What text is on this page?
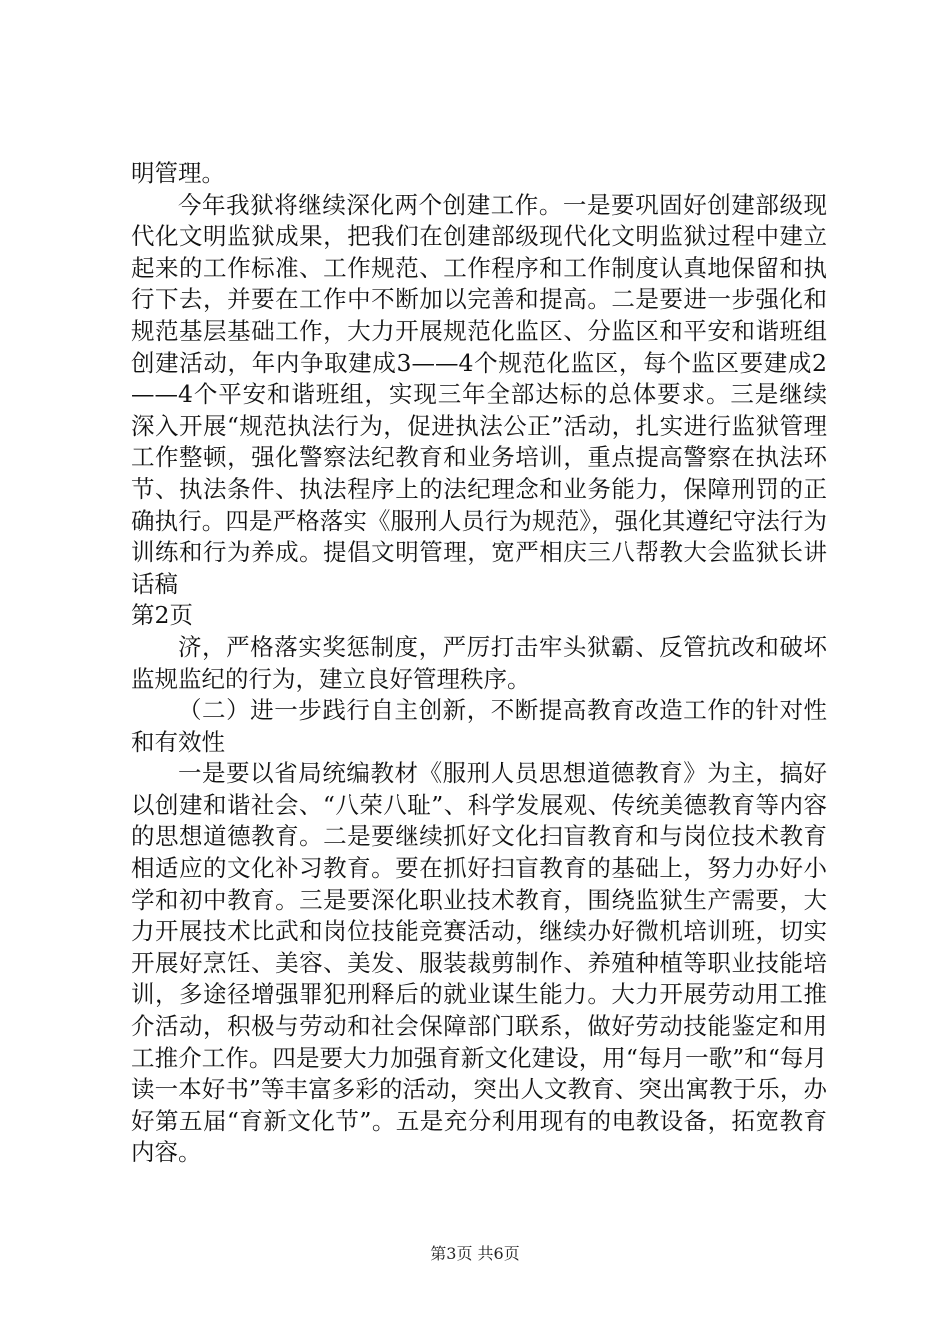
明管理。

今年我狱将继续深化两个创建工作。一是要巩固好创建部级现代化文明监狱成果，把我们在创建部级现代化文明监狱过程中建立起来的工作标准、工作规范、工作程序和工作制度认真地保留和执行下去，并要在工作中不断加以完善和提高。二是要进一步强化和规范基层基础工作，大力开展规范化监区、分监区和平安和谐班组创建活动，年内争取建成3——4个规范化监区，每个监区要建成2——4个平安和谐班组，实现三年全部达标的总体要求。三是继续深入开展“规范执法行为，促进执法公正”活动，扎实进行监狱管理工作整顿，强化警察法纪教育和业务培训，重点提高警察在执法环节、执法条件、执法程序上的法纪理念和业务能力，保障刑罚的正确执行。四是严格落实《服刑人员行为规范》，强化其遵纪守法行为训练和行为养成。提倡文明管理，宽严相庆三八帮教大会监狱长讲话稿

第2页

济，严格落实奖惩制度，严厉打击牢头狱霸、反管抗改和破坏监规监纪的行为，建立良好管理秩序。

（二）进一步践行自主创新，不断提高教育改造工作的针对性和有效性

一是要以省局统编教材《服刑人员思想道德教育》为主，搞好以创建和谐社会、“八荣八耻”、科学发展观、传统美德教育等内容的思想道德教育。二是要继续抓好文化扫盲教育和与岗位技术教育相适应的文化补习教育。要在抓好扫盲教育的基础上，努力办好小学和初中教育。三是要深化职业技术教育，围绕监狱生产需要，大力开展技术比武和岗位技能竞赛活动，继续办好微机培训班，切实开展好烹饪、美容、美发、服装裁剪制作、养殖种植等职业技能培训，多途径增强罪犯刑释后的就业谋生能力。大力开展劳动用工推介活动，积极与劳动和社会保障部门联系，做好劳动技能鉴定和用工推介工作。四是要大力加强育新文化建设，用“每月一歌”和“每月读一本好书”等丰富多彩的活动，突出人文教育、突出寓教于乐，办好第五届“育新文化节”。五是充分利用现有的电教设备，拓宽教育内容。

第3页 共6页
